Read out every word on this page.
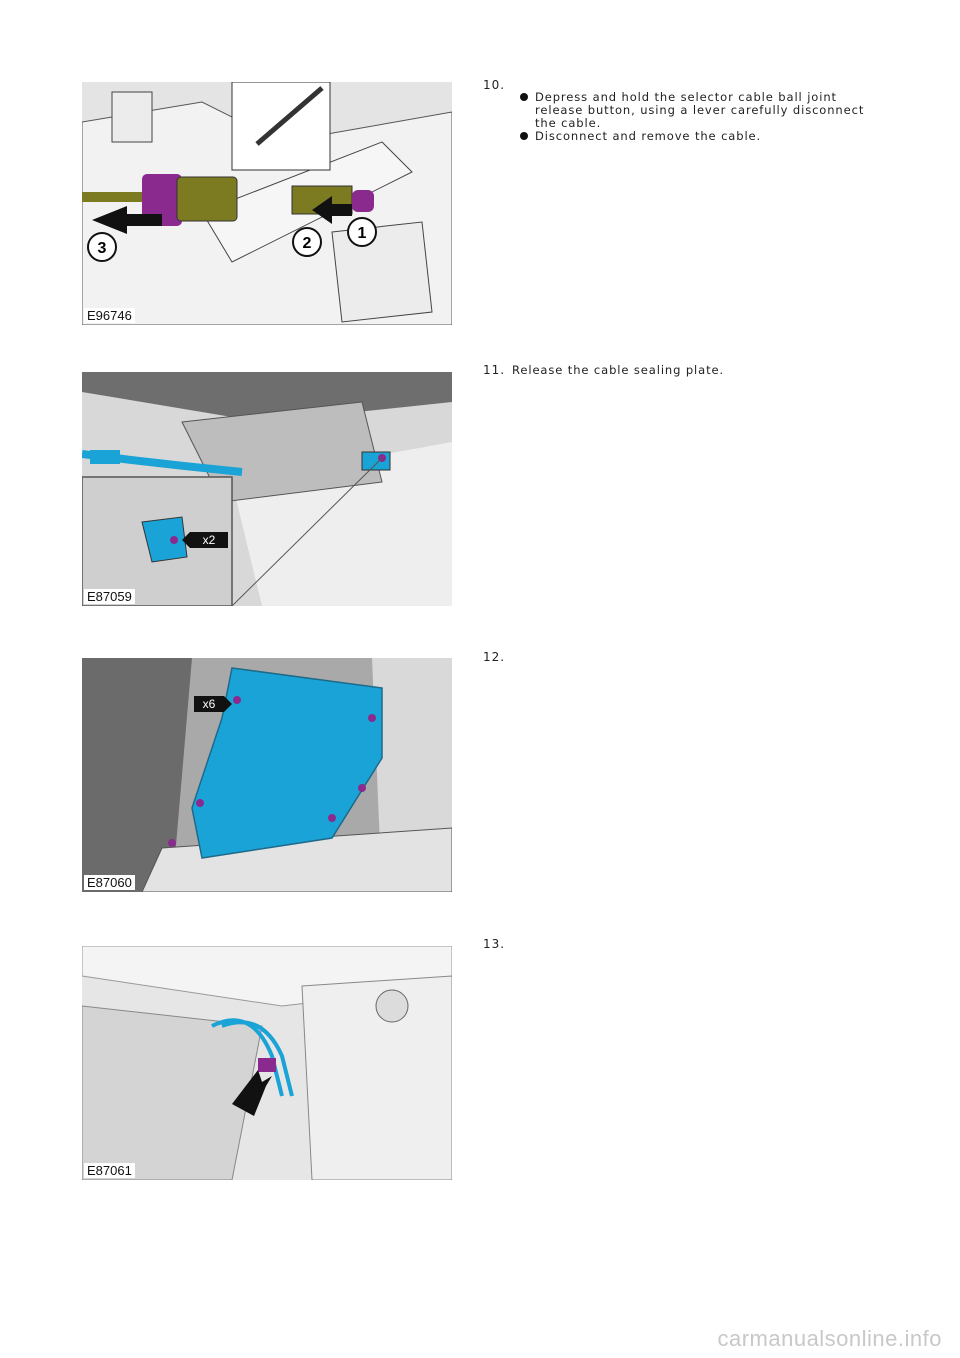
3	2
1
E96746
10.
Depress and hold the selector cable ball joint release button, using a lever carefully disconnect the cable.
Disconnect and remove the cable.
x2
E87059
11. Release the cable sealing plate.
x6
E87060
12.
E87061
13.
carmanualsonline.info
